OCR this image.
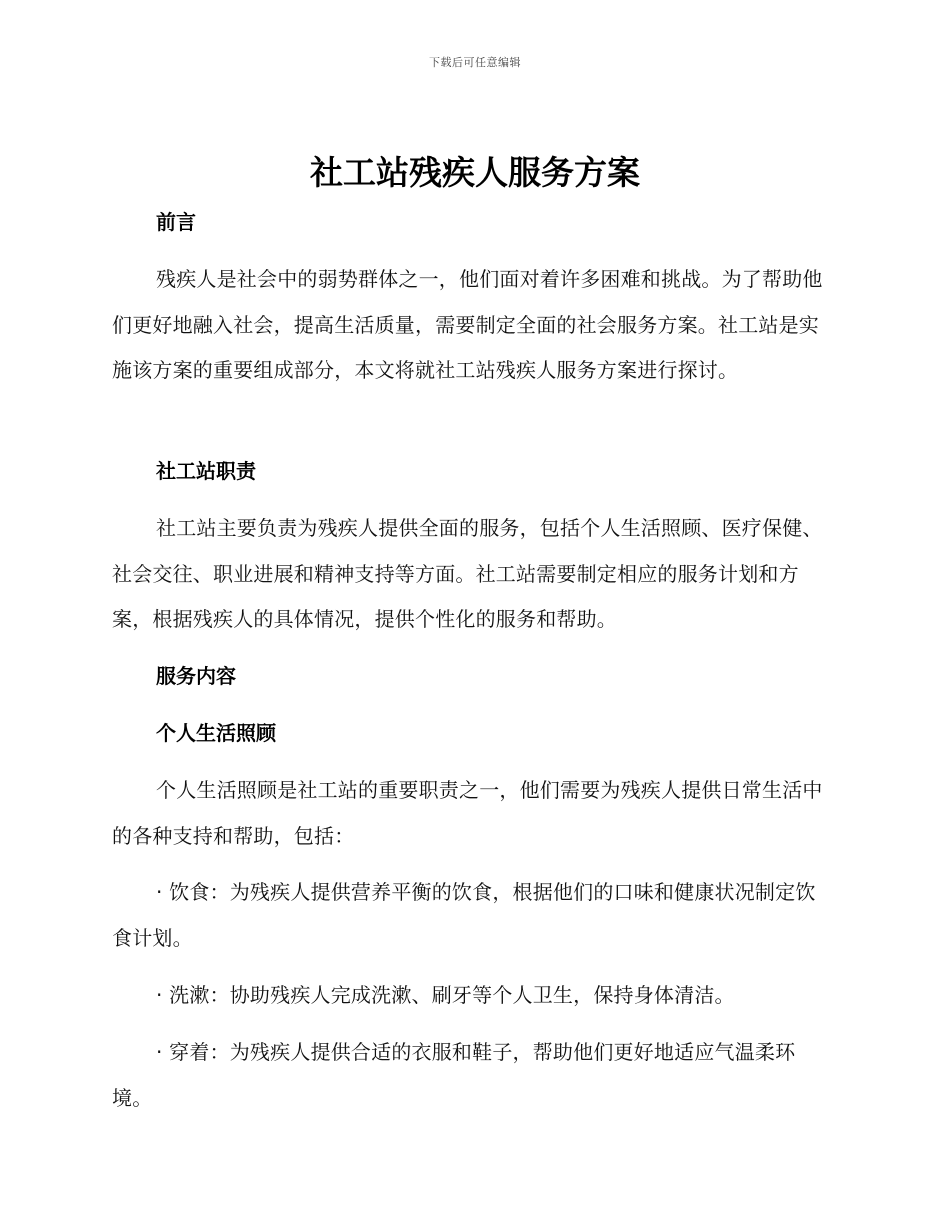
下载后可任意编辑
社工站残疾人服务方案
前言

残疾人是社会中的弱势群体之一，他们面对着许多困难和挑战。为了帮助他们更好地融入社会，提高生活质量，需要制定全面的社会服务方案。社工站是实施该方案的重要组成部分，本文将就社工站残疾人服务方案进行探讨。

社工站职责

社工站主要负责为残疾人提供全面的服务，包括个人生活照顾、医疗保健、社会交往、职业进展和精神支持等方面。社工站需要制定相应的服务计划和方案，根据残疾人的具体情况，提供个性化的服务和帮助。

服务内容
个人生活照顾

个人生活照顾是社工站的重要职责之一，他们需要为残疾人提供日常生活中的各种支持和帮助，包括：

· 饮食：为残疾人提供营养平衡的饮食，根据他们的口味和健康状况制定饮食计划。

· 洗漱：协助残疾人完成洗漱、刷牙等个人卫生，保持身体清洁。

· 穿着：为残疾人提供合适的衣服和鞋子，帮助他们更好地适应气温柔环境。
